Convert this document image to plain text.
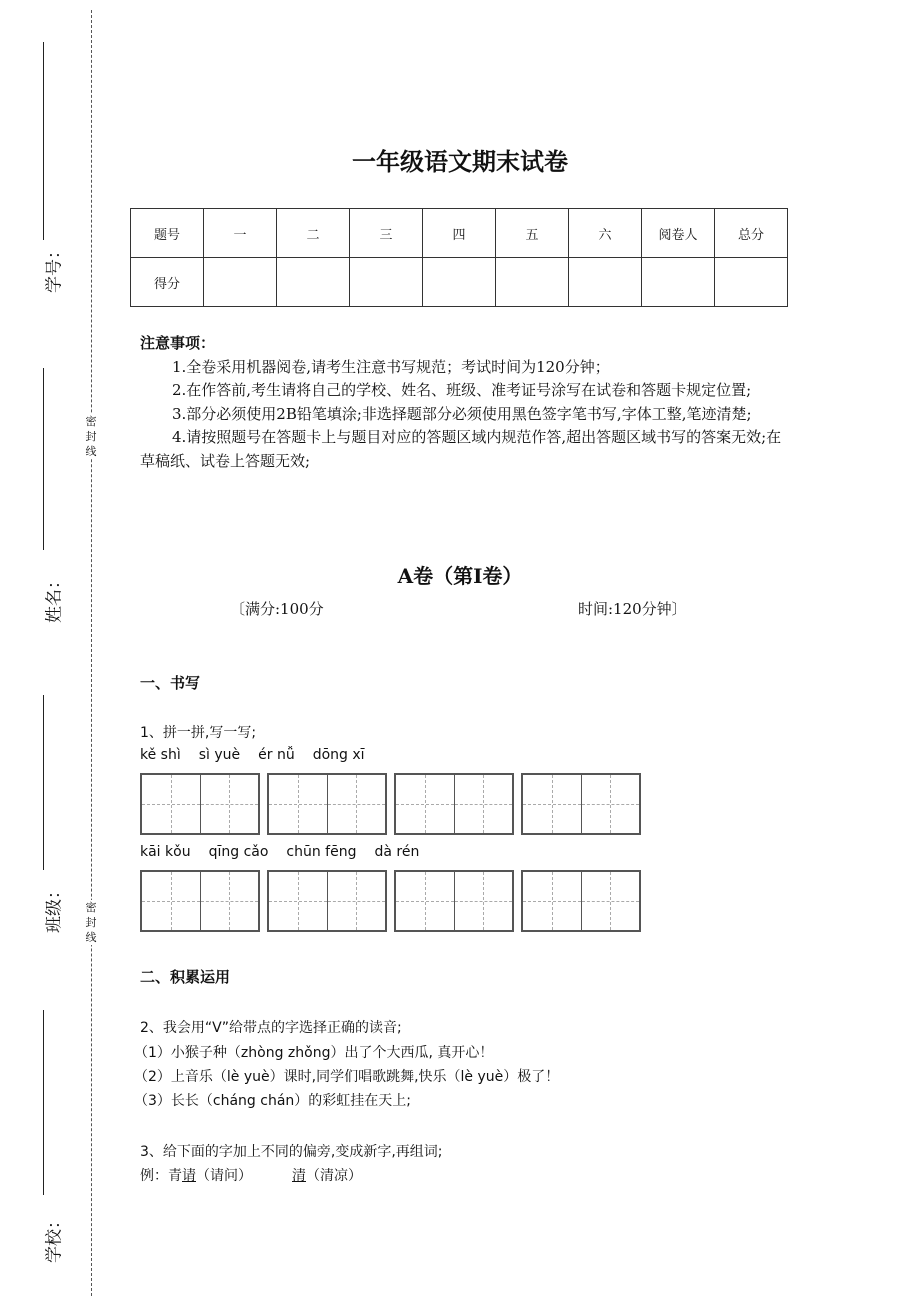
密封线
密封线
学号：
姓名：
班级：
学校：
一年级语文期末试卷
题号	一	二	三	四	五	六	阅卷人	总分
得分								
注意事项：
1.全卷采用机器阅卷,请考生注意书写规范；考试时间为120分钟；
2.在作答前,考生请将自己的学校、姓名、班级、准考证号涂写在试卷和答题卡规定位置;
3.部分必须使用2B铅笔填涂;非选择题部分必须使用黑色签字笔书写,字体工整,笔迹清楚;
4.请按照题号在答题卡上与题目对应的答题区域内规范作答,超出答题区域书写的答案无效;在草稿纸、试卷上答题无效;
A卷（第Ⅰ卷）
〔满分:100分	时间:120分钟〕
一、书写
1、拼一拼,写一写;
kě shì sì yuè ér nǚ dōng xī
kāi kǒu qīng cǎo chūn fēng dà rén
二、积累运用
2、我会用“V”给带点的字选择正确的读音;
（1）小猴子种（zhòng zhǒng）出了个大西瓜, 真开心！
（2）上音乐（lè yuè）课时,同学们唱歌跳舞,快乐（lè yuè）极了！
（3）长长（cháng chán）的彩虹挂在天上;
3、给下面的字加上不同的偏旁,变成新字,再组词;
例：青请（请问）	清（清凉）
